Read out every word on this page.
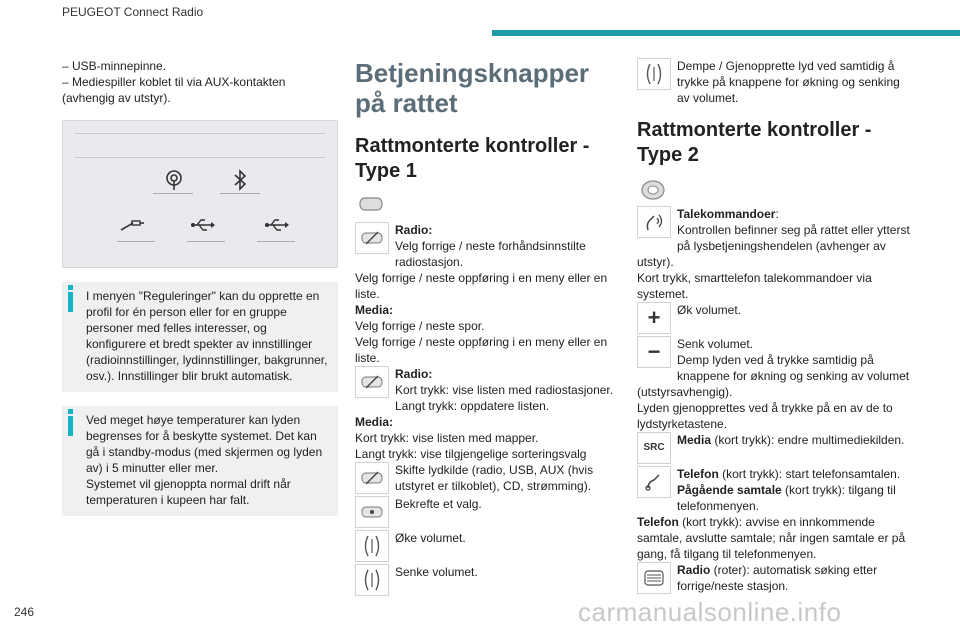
PEUGEOT Connect Radio

– USB-minnepinne.

– Mediespiller koblet til via AUX-kontakten (avhengig av utstyr).

I menyen "Reguleringer" kan du opprette en profil for én person eller for en gruppe personer med felles interesser, og konfigurere et bredt spekter av innstillinger (radioinnstillinger, lydinnstillinger, bakgrunner, osv.). Innstillinger blir brukt automatisk.

Ved meget høye temperaturer kan lyden begrenses for å beskytte systemet. Det kan gå i standby-modus (med skjermen og lyden av) i 5 minutter eller mer.

Systemet vil gjenoppta normal drift når temperaturen i kupeen har falt.

Betjeningsknapper på rattet
Rattmonterte kontroller - Type 1

Radio:

Velg forrige / neste forhåndsinnstilte radiostasjon.

Velg forrige / neste oppføring i en meny eller en liste.

Media:

Velg forrige / neste spor.

Velg forrige / neste oppføring i en meny eller en liste.

Radio:

Kort trykk: vise listen med radiostasjoner.

Langt trykk: oppdatere listen.

Media:

Kort trykk: vise listen med mapper.

Langt trykk: vise tilgjengelige sorteringsvalg

Skifte lydkilde (radio, USB, AUX (hvis utstyret er tilkoblet), CD, strømming).

Bekrefte et valg.

Øke volumet.

Senke volumet.

Dempe / Gjenopprette lyd ved samtidig å trykke på knappene for økning og senking av volumet.

Rattmonterte kontroller - Type 2

Talekommandoer:

Kontrollen befinner seg på rattet eller ytterst på lysbetjeningshendelen (avhenger av utstyr).

Kort trykk, smarttelefon talekommandoer via systemet.

+	Øk volumet.

−	Senk volumet.

Demp lyden ved å trykke samtidig på knappene for økning og senking av volumet (utstyrsavhengig).

Lyden gjenopprettes ved å trykke på en av de to lydstyrketastene.

SRC

Media (kort trykk): endre multimediekilden.

Telefon (kort trykk): start telefonsamtalen.

Pågående samtale (kort trykk): tilgang til telefonmenyen.

Telefon (kort trykk): avvise en innkommende samtale, avslutte samtale; når ingen samtale er på gang, få tilgang til telefonmenyen.

Radio (roter): automatisk søking etter forrige/neste stasjon.

246	carmanualsonline.info
